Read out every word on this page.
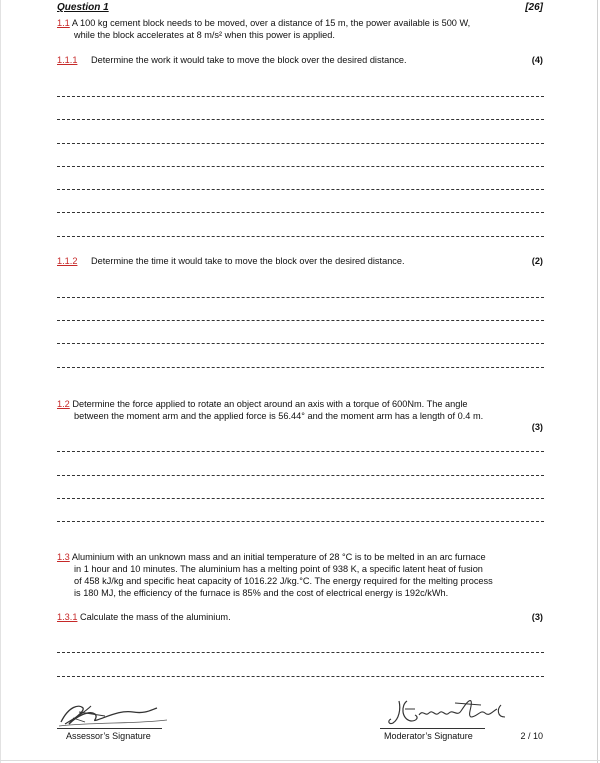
Question 1	[26]
1.1 A 100 kg cement block needs to be moved, over a distance of 15 m, the power available is 500 W,
while the block accelerates at 8 m/s² when this power is applied.
1.1.1 Determine the work it would take to move the block over the desired distance.	(4)
1.1.2 Determine the time it would take to move the block over the desired distance.	(2)
1.2 Determine the force applied to rotate an object around an axis with a torque of 600Nm. The angle
between the moment arm and the applied force is 56.44° and the moment arm has a length of 0.4 m.
(3)
1.3 Aluminium with an unknown mass and an initial temperature of 28 °C is to be melted in an arc furnace
in 1 hour and 10 minutes. The aluminium has a melting point of 938 K, a specific latent heat of fusion
of 458 kJ/kg and specific heat capacity of 1016.22 J/kg.°C. The energy required for the melting process
is 180 MJ, the efficiency of the furnace is 85% and the cost of electrical energy is 192c/kWh.
1.3.1 Calculate the mass of the aluminium.	(3)
Assessor’s Signature	Moderator’s Signature	2 / 10
